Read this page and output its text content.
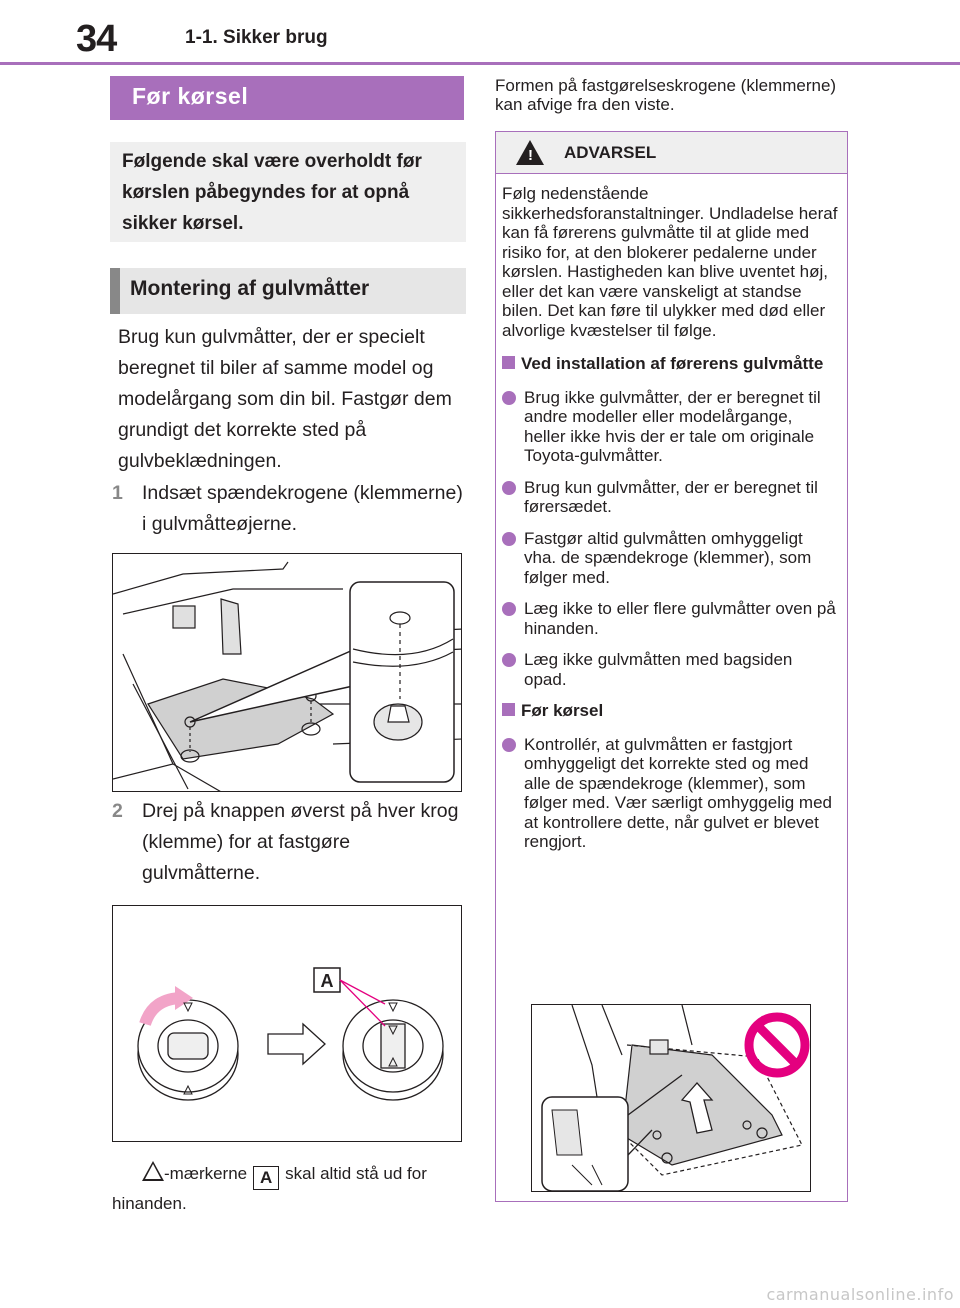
34	1-1. Sikker brug
Før kørsel
Følgende skal være overholdt før kørslen påbegyndes for at opnå sikker kørsel.
Montering af gulvmåtter
Brug kun gulvmåtter, der er specielt beregnet til biler af samme model og modelårgang som din bil. Fastgør dem grundigt det korrekte sted på gulvbeklædningen.
1 Indsæt spændekrogene (klemmerne) i gulvmåtteøjerne.
2 Drej på knappen øverst på hver krog (klemme) for at fastgøre gulvmåtterne.
A
-mærkerne A skal altid stå ud for hinanden.
Formen på fastgørelseskrogene (klemmerne) kan afvige fra den viste.
! ADVARSEL
Følg nedenstående sikkerhedsforanstaltninger. Undladelse heraf kan få førerens gulvmåtte til at glide med risiko for, at den blokerer pedalerne under kørslen. Hastigheden kan blive uventet høj, eller det kan være vanskeligt at standse bilen. Det kan føre til ulykker med død eller alvorlige kvæstelser til følge.
Ved installation af førerens gulvmåtte
Brug ikke gulvmåtter, der er beregnet til andre modeller eller modelårgange, heller ikke hvis der er tale om originale Toyota-gulvmåtter.
Brug kun gulvmåtter, der er beregnet til førersædet.
Fastgør altid gulvmåtten omhyggeligt vha. de spændekroge (klemmer), som følger med.
Læg ikke to eller flere gulvmåtter oven på hinanden.
Læg ikke gulvmåtten med bagsiden opad.
Før kørsel
Kontrollér, at gulvmåtten er fastgjort omhyggeligt det korrekte sted og med alle de spændekroge (klemmer), som følger med. Vær særligt omhyggelig med at kontrollere dette, når gulvet er blevet rengjort.
carmanualsonline.info
